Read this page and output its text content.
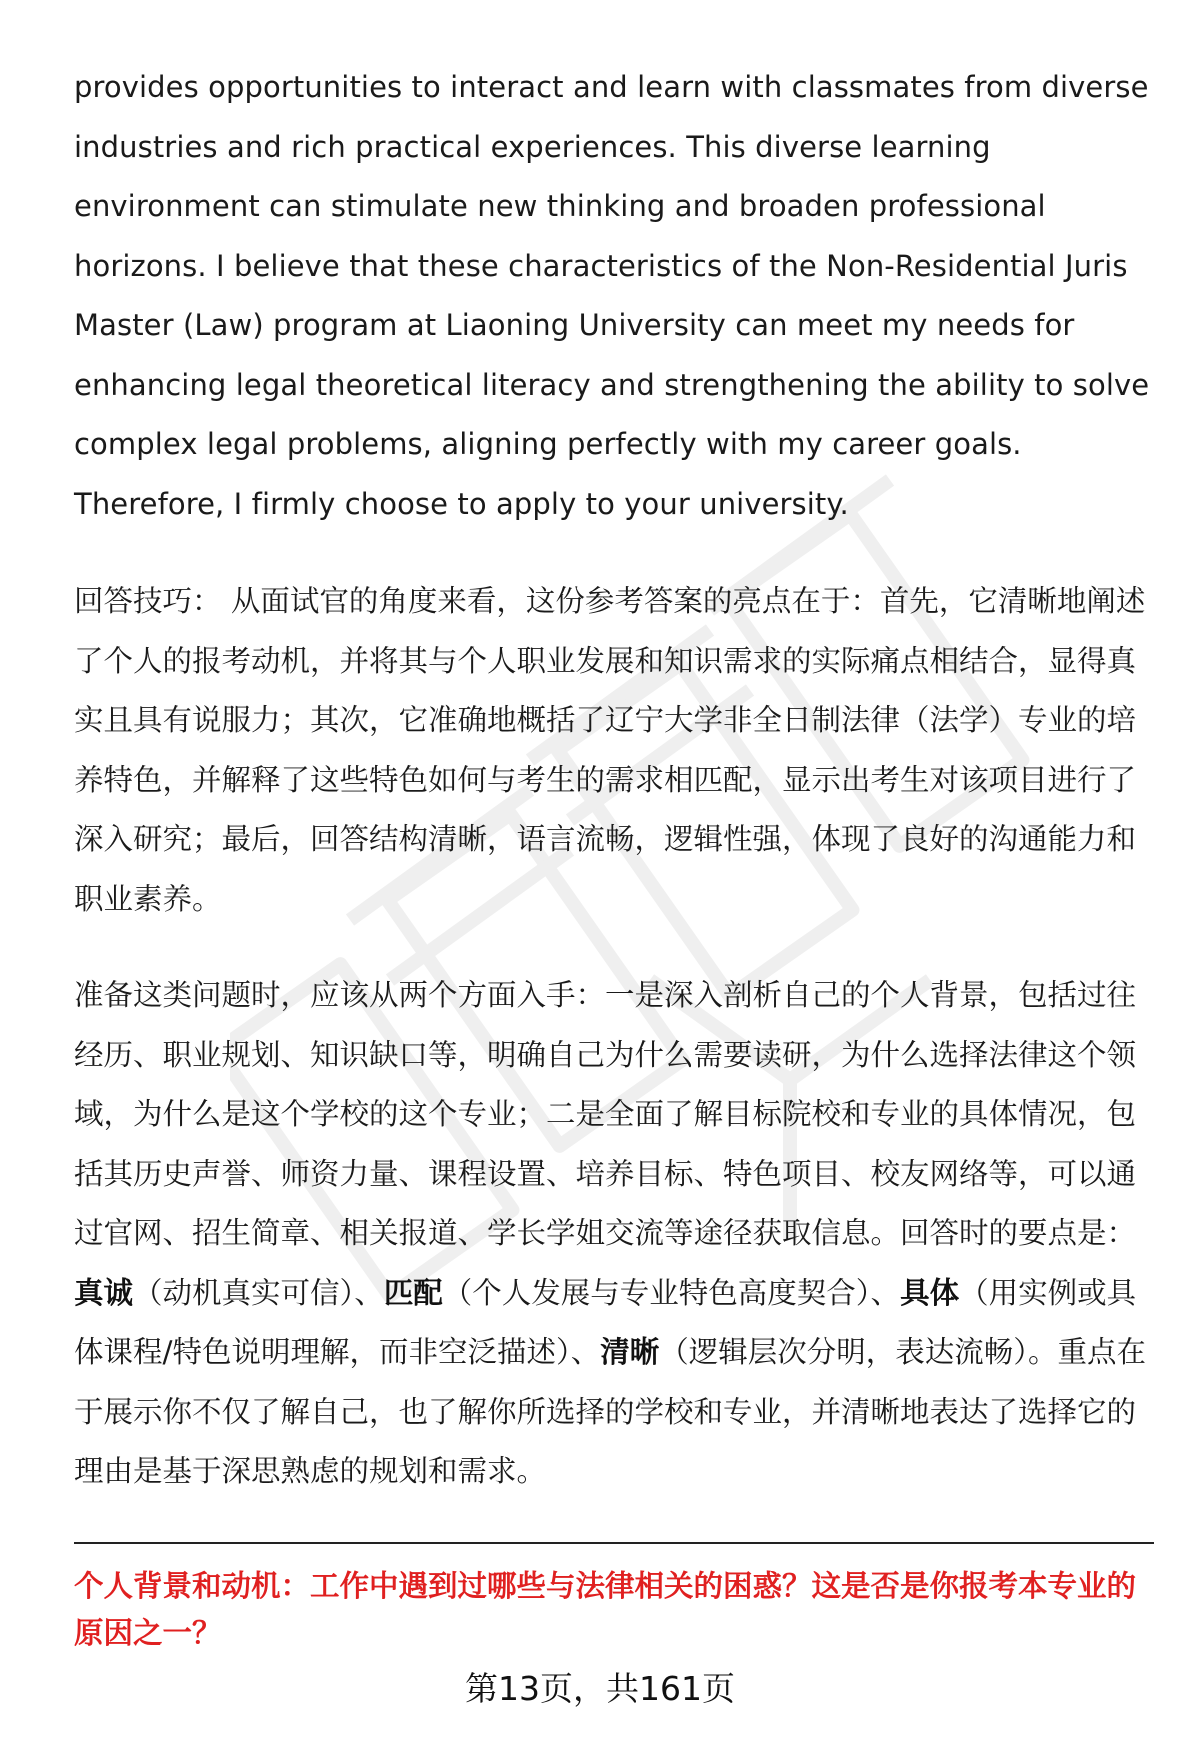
provides opportunities to interact and learn with classmates from diverse industries and rich practical experiences. This diverse learning environment can stimulate new thinking and broaden professional horizons. I believe that these characteristics of the Non-Residential Juris Master (Law) program at Liaoning University can meet my needs for enhancing legal theoretical literacy and strengthening the ability to solve complex legal problems, aligning perfectly with my career goals. Therefore, I firmly choose to apply to your university.

回答技巧： 从面试官的角度来看，这份参考答案的亮点在于：首先，它清晰地阐述了个人的报考动机，并将其与个人职业发展和知识需求的实际痛点相结合，显得真实且具有说服力；其次，它准确地概括了辽宁大学非全日制法律（法学）专业的培养特色，并解释了这些特色如何与考生的需求相匹配，显示出考生对该项目进行了深入研究；最后，回答结构清晰，语言流畅，逻辑性强，体现了良好的沟通能力和职业素养。

准备这类问题时，应该从两个方面入手：一是深入剖析自己的个人背景，包括过往经历、职业规划、知识缺口等，明确自己为什么需要读研，为什么选择法律这个领域，为什么是这个学校的这个专业；二是全面了解目标院校和专业的具体情况，包括其历史声誉、师资力量、课程设置、培养目标、特色项目、校友网络等，可以通过官网、招生简章、相关报道、学长学姐交流等途径获取信息。回答时的要点是：真诚（动机真实可信）、匹配（个人发展与专业特色高度契合）、具体（用实例或具体课程/特色说明理解，而非空泛描述）、清晰（逻辑层次分明，表达流畅）。重点在于展示你不仅了解自己，也了解你所选择的学校和专业，并清晰地表达了选择它的理由是基于深思熟虑的规划和需求。

个人背景和动机：工作中遇到过哪些与法律相关的困惑？这是否是你报考本专业的原因之一？

第13页，共161页
